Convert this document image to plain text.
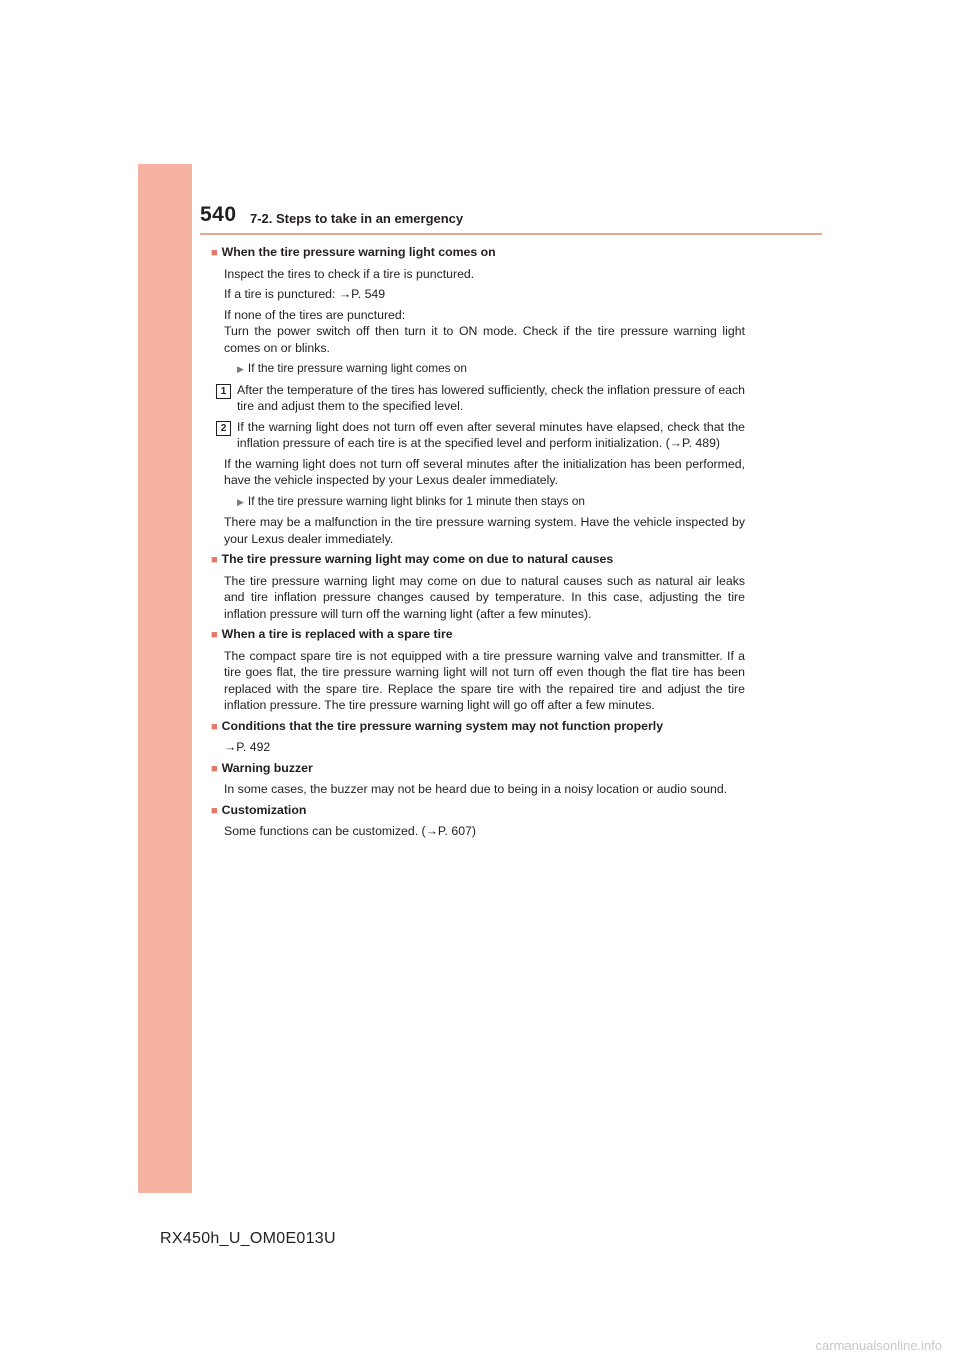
540 7-2. Steps to take in an emergency
■ When the tire pressure warning light comes on
Inspect the tires to check if a tire is punctured.
If a tire is punctured: →P. 549
If none of the tires are punctured:
Turn the power switch off then turn it to ON mode. Check if the tire pressure warning light comes on or blinks.
▶ If the tire pressure warning light comes on
1 After the temperature of the tires has lowered sufficiently, check the inflation pressure of each tire and adjust them to the specified level.
2 If the warning light does not turn off even after several minutes have elapsed, check that the inflation pressure of each tire is at the specified level and perform initialization. (→P. 489)
If the warning light does not turn off several minutes after the initialization has been performed, have the vehicle inspected by your Lexus dealer immediately.
▶ If the tire pressure warning light blinks for 1 minute then stays on
There may be a malfunction in the tire pressure warning system. Have the vehicle inspected by your Lexus dealer immediately.
■ The tire pressure warning light may come on due to natural causes
The tire pressure warning light may come on due to natural causes such as natural air leaks and tire inflation pressure changes caused by temperature. In this case, adjusting the tire inflation pressure will turn off the warning light (after a few minutes).
■ When a tire is replaced with a spare tire
The compact spare tire is not equipped with a tire pressure warning valve and transmitter. If a tire goes flat, the tire pressure warning light will not turn off even though the flat tire has been replaced with the spare tire. Replace the spare tire with the repaired tire and adjust the tire inflation pressure. The tire pressure warning light will go off after a few minutes.
■ Conditions that the tire pressure warning system may not function properly
→P. 492
■ Warning buzzer
In some cases, the buzzer may not be heard due to being in a noisy location or audio sound.
■ Customization
Some functions can be customized. (→P. 607)
RX450h_U_OM0E013U
carmanualsonline.info
